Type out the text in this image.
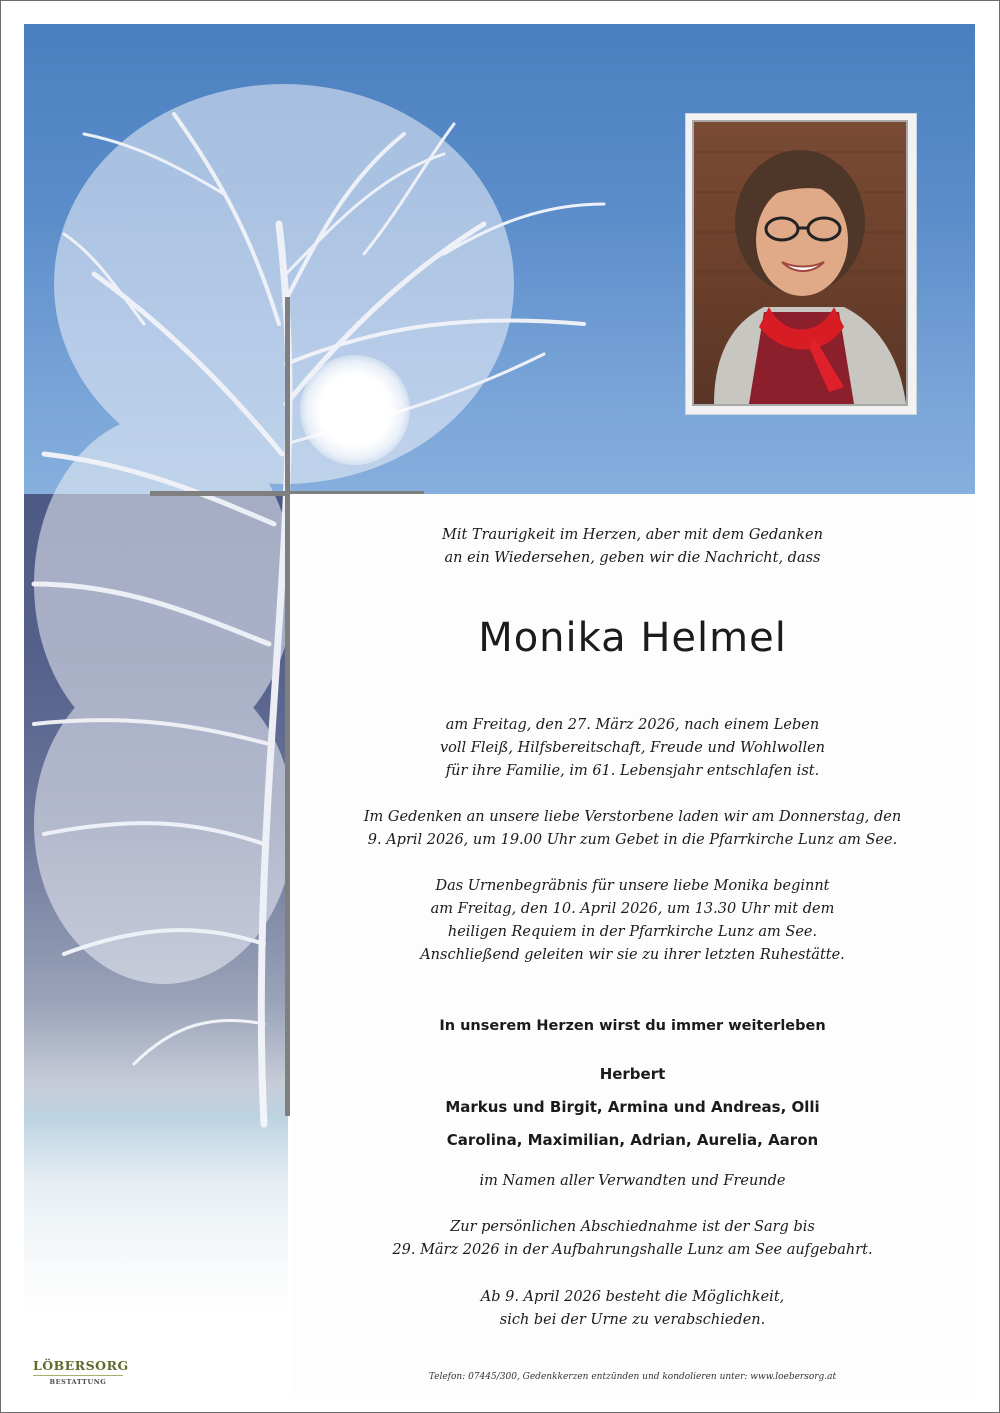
Mit Traurigkeit im Herzen, aber mit dem Gedanken
an ein Wiedersehen, geben wir die Nachricht, dass
Monika Helmel
am Freitag, den 27. März 2026, nach einem Leben
voll Fleiß, Hilfsbereitschaft, Freude und Wohlwollen
für ihre Familie, im 61. Lebensjahr entschlafen ist.
Im Gedenken an unsere liebe Verstorbene laden wir am Donnerstag, den
9. April 2026, um 19.00 Uhr zum Gebet in die Pfarrkirche Lunz am See.
Das Urnenbegräbnis für unsere liebe Monika beginnt
am Freitag, den 10. April 2026, um 13.30 Uhr mit dem
heiligen Requiem in der Pfarrkirche Lunz am See.
Anschließend geleiten wir sie zu ihrer letzten Ruhestätte.
In unserem Herzen wirst du immer weiterleben
Herbert
Markus und Birgit, Armina und Andreas, Olli
Carolina, Maximilian, Adrian, Aurelia, Aaron
im Namen aller Verwandten und Freunde
Zur persönlichen Abschiednahme ist der Sarg bis
29. März 2026 in der Aufbahrungshalle Lunz am See aufgebahrt.
Ab 9. April 2026 besteht die Möglichkeit,
sich bei der Urne zu verabschieden.
Telefon: 07445/300, Gedenkkerzen entzünden und kondolieren unter: www.loebersorg.at
LÖBERSORG
BESTATTUNG
